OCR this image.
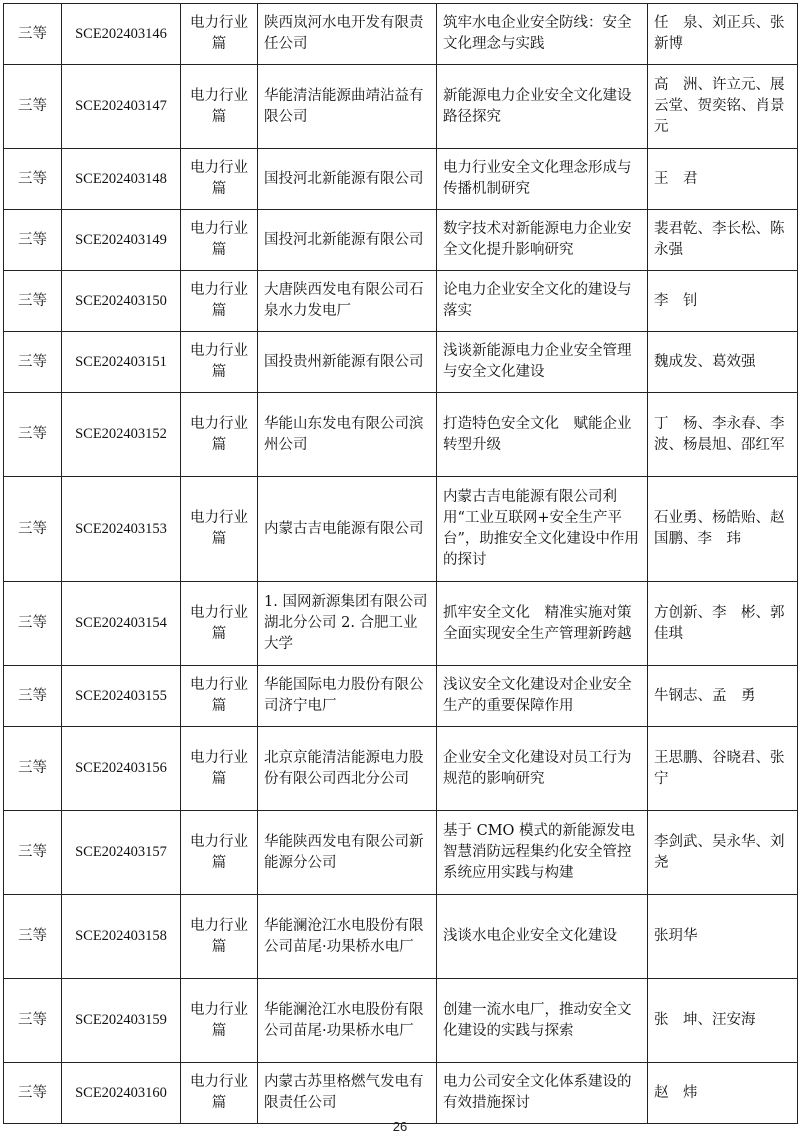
三等	SCE202403146	电力行业篇	陕西岚河水电开发有限责任公司	筑牢水电企业安全防线：安全文化理念与实践	任　泉、刘正兵、张新博
三等	SCE202403147	电力行业篇	华能清洁能源曲靖沾益有限公司	新能源电力企业安全文化建设路径探究	高　洲、许立元、展云堂、贺奕铭、肖景元
三等	SCE202403148	电力行业篇	国投河北新能源有限公司	电力行业安全文化理念形成与传播机制研究	王　君
三等	SCE202403149	电力行业篇	国投河北新能源有限公司	数字技术对新能源电力企业安全文化提升影响研究	裴君乾、李长松、陈永强
三等	SCE202403150	电力行业篇	大唐陕西发电有限公司石泉水力发电厂	论电力企业安全文化的建设与落实	李　钊
三等	SCE202403151	电力行业篇	国投贵州新能源有限公司	浅谈新能源电力企业安全管理与安全文化建设	魏成发、葛效强
三等	SCE202403152	电力行业篇	华能山东发电有限公司滨州公司	打造特色安全文化　赋能企业转型升级	丁　杨、李永春、李　波、杨晨旭、邵红军
三等	SCE202403153	电力行业篇	内蒙古吉电能源有限公司	内蒙古吉电能源有限公司利用“工业互联网+安全生产平台”，助推安全文化建设中作用的探讨	石业勇、杨皓贻、赵国鹏、李　玮
三等	SCE202403154	电力行业篇	1. 国网新源集团有限公司湖北分公司 2. 合肥工业大学	抓牢安全文化　精准实施对策　全面实现安全生产管理新跨越	方创新、李　彬、郭佳琪
三等	SCE202403155	电力行业篇	华能国际电力股份有限公司济宁电厂	浅议安全文化建设对企业安全生产的重要保障作用	牛钢志、孟　勇
三等	SCE202403156	电力行业篇	北京京能清洁能源电力股份有限公司西北分公司	企业安全文化建设对员工行为规范的影响研究	王思鹏、谷晓君、张　宁
三等	SCE202403157	电力行业篇	华能陕西发电有限公司新能源分公司	基于 CMO 模式的新能源发电智慧消防远程集约化安全管控系统应用实践与构建	李剑武、吴永华、刘　尧
三等	SCE202403158	电力行业篇	华能澜沧江水电股份有限公司苗尾·功果桥水电厂	浅谈水电企业安全文化建设	张玥华
三等	SCE202403159	电力行业篇	华能澜沧江水电股份有限公司苗尾·功果桥水电厂	创建一流水电厂，推动安全文化建设的实践与探索	张　坤、汪安海
三等	SCE202403160	电力行业篇	内蒙古苏里格燃气发电有限责任公司	电力公司安全文化体系建设的有效措施探讨	赵　炜
26
